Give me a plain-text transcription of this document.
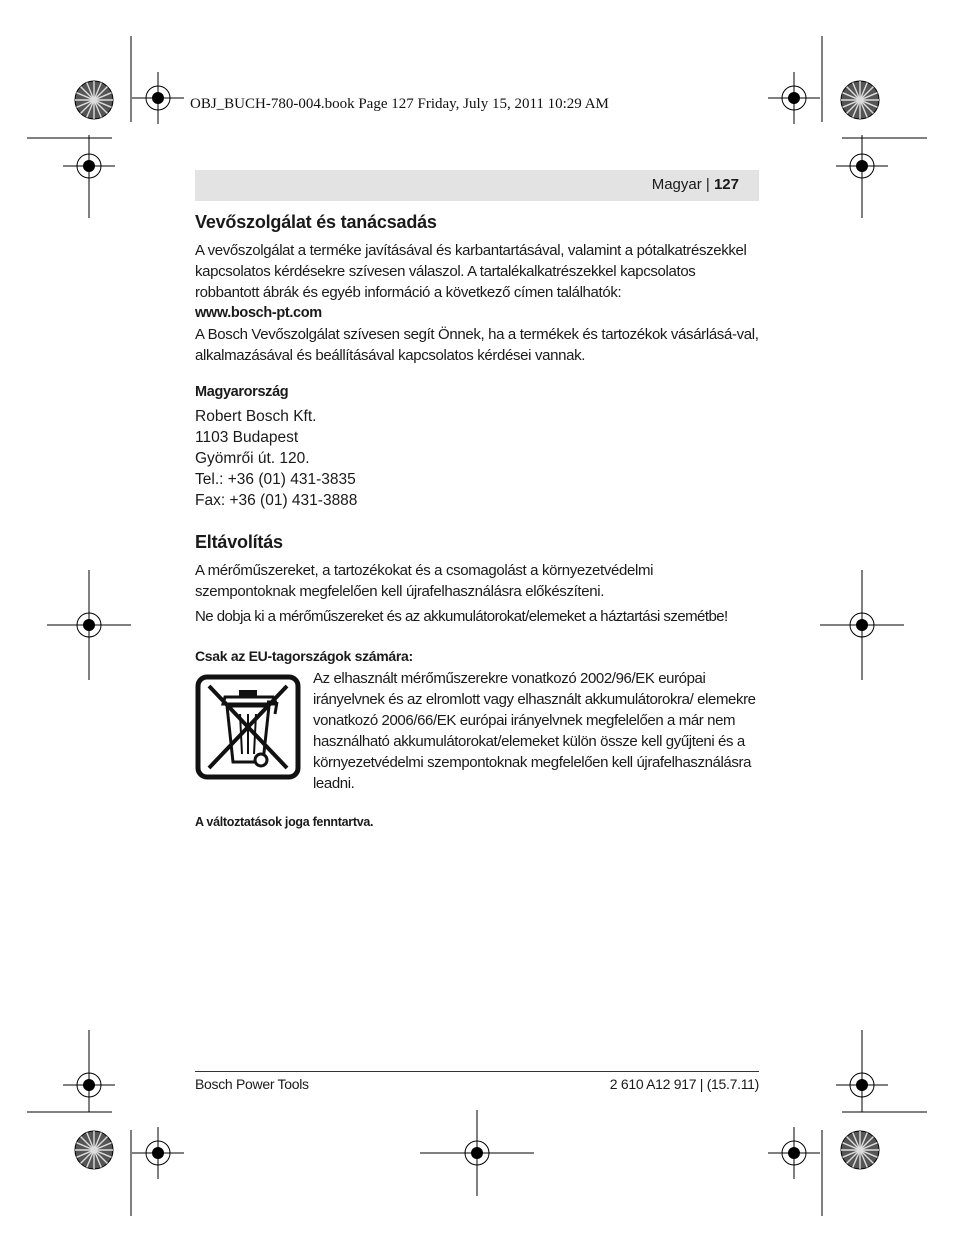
OBJ_BUCH-780-004.book Page 127 Friday, July 15, 2011 10:29 AM
Magyar | 127
Vevőszolgálat és tanácsadás

A vevőszolgálat a terméke javításával és karbantartásával, valamint a pótalkatrészekkel kapcsolatos kérdésekre szívesen válaszol. A tartalékalkatrészekkel kapcsolatos robbantott ábrák és egyéb információ a következő címen találhatók:

www.bosch-pt.com

A Bosch Vevőszolgálat szívesen segít Önnek, ha a termékek és tartozékok vásárlásá-val, alkalmazásával és beállításával kapcsolatos kérdései vannak.

Magyarország

Robert Bosch Kft.
1103 Budapest
Gyömrői út. 120.
Tel.: +36 (01) 431-3835
Fax: +36 (01) 431-3888
Eltávolítás

A mérőműszereket, a tartozékokat és a csomagolást a környezetvédelmi szempontoknak megfelelően kell újrafelhasználásra előkészíteni.

Ne dobja ki a mérőműszereket és az akkumulátorokat/elemeket a háztartási szemétbe!

Csak az EU-tagországok számára:

Az elhasznált mérőműszerekre vonatkozó 2002/96/EK európai irányelvnek és az elromlott vagy elhasznált akkumulátorokra/ elemekre vonatkozó 2006/66/EK európai irányelvnek megfelelően a már nem használható akkumulátorokat/elemeket külön össze kell gyűjteni és a környezetvédelmi szempontoknak megfelelően kell újrafelhasználásra leadni.

A változtatások joga fenntartva.

Bosch Power Tools	2 610 A12 917 | (15.7.11)
